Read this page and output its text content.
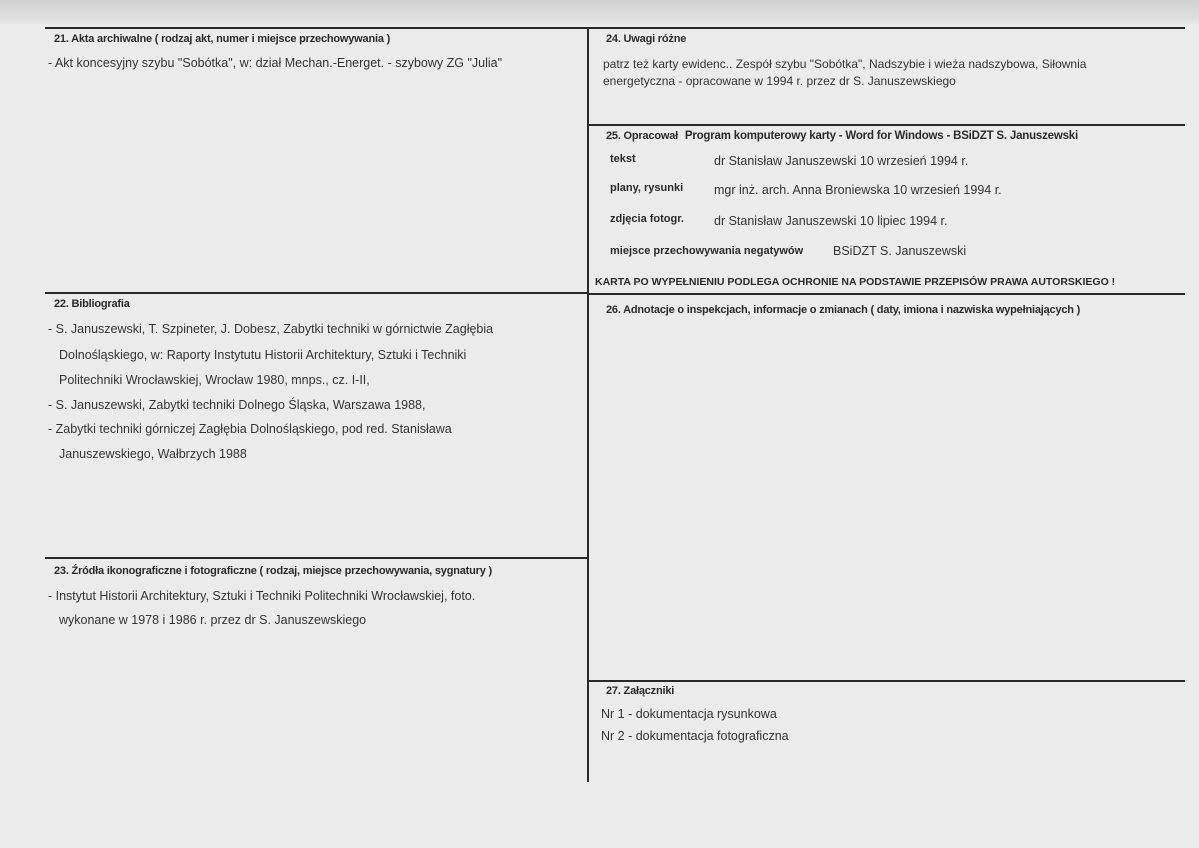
21. Akta archiwalne ( rodzaj akt, numer i miejsce przechowywania )
- Akt koncesyjny szybu "Sobótka", w: dział Mechan.-Energet. - szybowy ZG "Julia"
22. Bibliografia
- S. Januszewski, T. Szpineter, J. Dobesz, Zabytki techniki w górnictwie Zagłębia
Dolnośląskiego, w: Raporty Instytutu Historii Architektury, Sztuki i Techniki
Politechniki Wrocławskiej, Wrocław 1980, mnps., cz. I-II,
- S. Januszewski, Zabytki techniki Dolnego Śląska, Warszawa 1988,
- Zabytki techniki górniczej Zagłębia Dolnośląskiego, pod red. Stanisława
Januszewskiego, Wałbrzych 1988
23. Źródła ikonograficzne i fotograficzne ( rodzaj, miejsce przechowywania, sygnatury )
- Instytut Historii Architektury, Sztuki i Techniki Politechniki Wrocławskiej, foto.
wykonane w 1978 i 1986 r. przez dr S. Januszewskiego
24. Uwagi różne
patrz też karty ewidenc.. Zespół szybu "Sobótka", Nadszybie i wieża nadszybowa, Siłownia
energetyczna - opracowane w 1994 r. przez dr S. Januszewskiego
25. Opracował Program komputerowy karty - Word for Windows - BSiDZT S. Januszewski
tekst	dr Stanisław Januszewski 10 wrzesień 1994 r.
plany, rysunki mgr inż. arch. Anna Broniewska 10 wrzesień 1994 r.
zdjęcia fotogr. dr Stanisław Januszewski 10 lipiec 1994 r.
miejsce przechowywania negatywów BSiDZT S. Januszewski
KARTA PO WYPEŁNIENIU PODLEGA OCHRONIE NA PODSTAWIE PRZEPISÓW PRAWA AUTORSKIEGO !
26. Adnotacje o inspekcjach, informacje o zmianach ( daty, imiona i nazwiska wypełniających )
27. Załączniki
Nr 1 - dokumentacja rysunkowa
Nr 2 - dokumentacja fotograficzna
